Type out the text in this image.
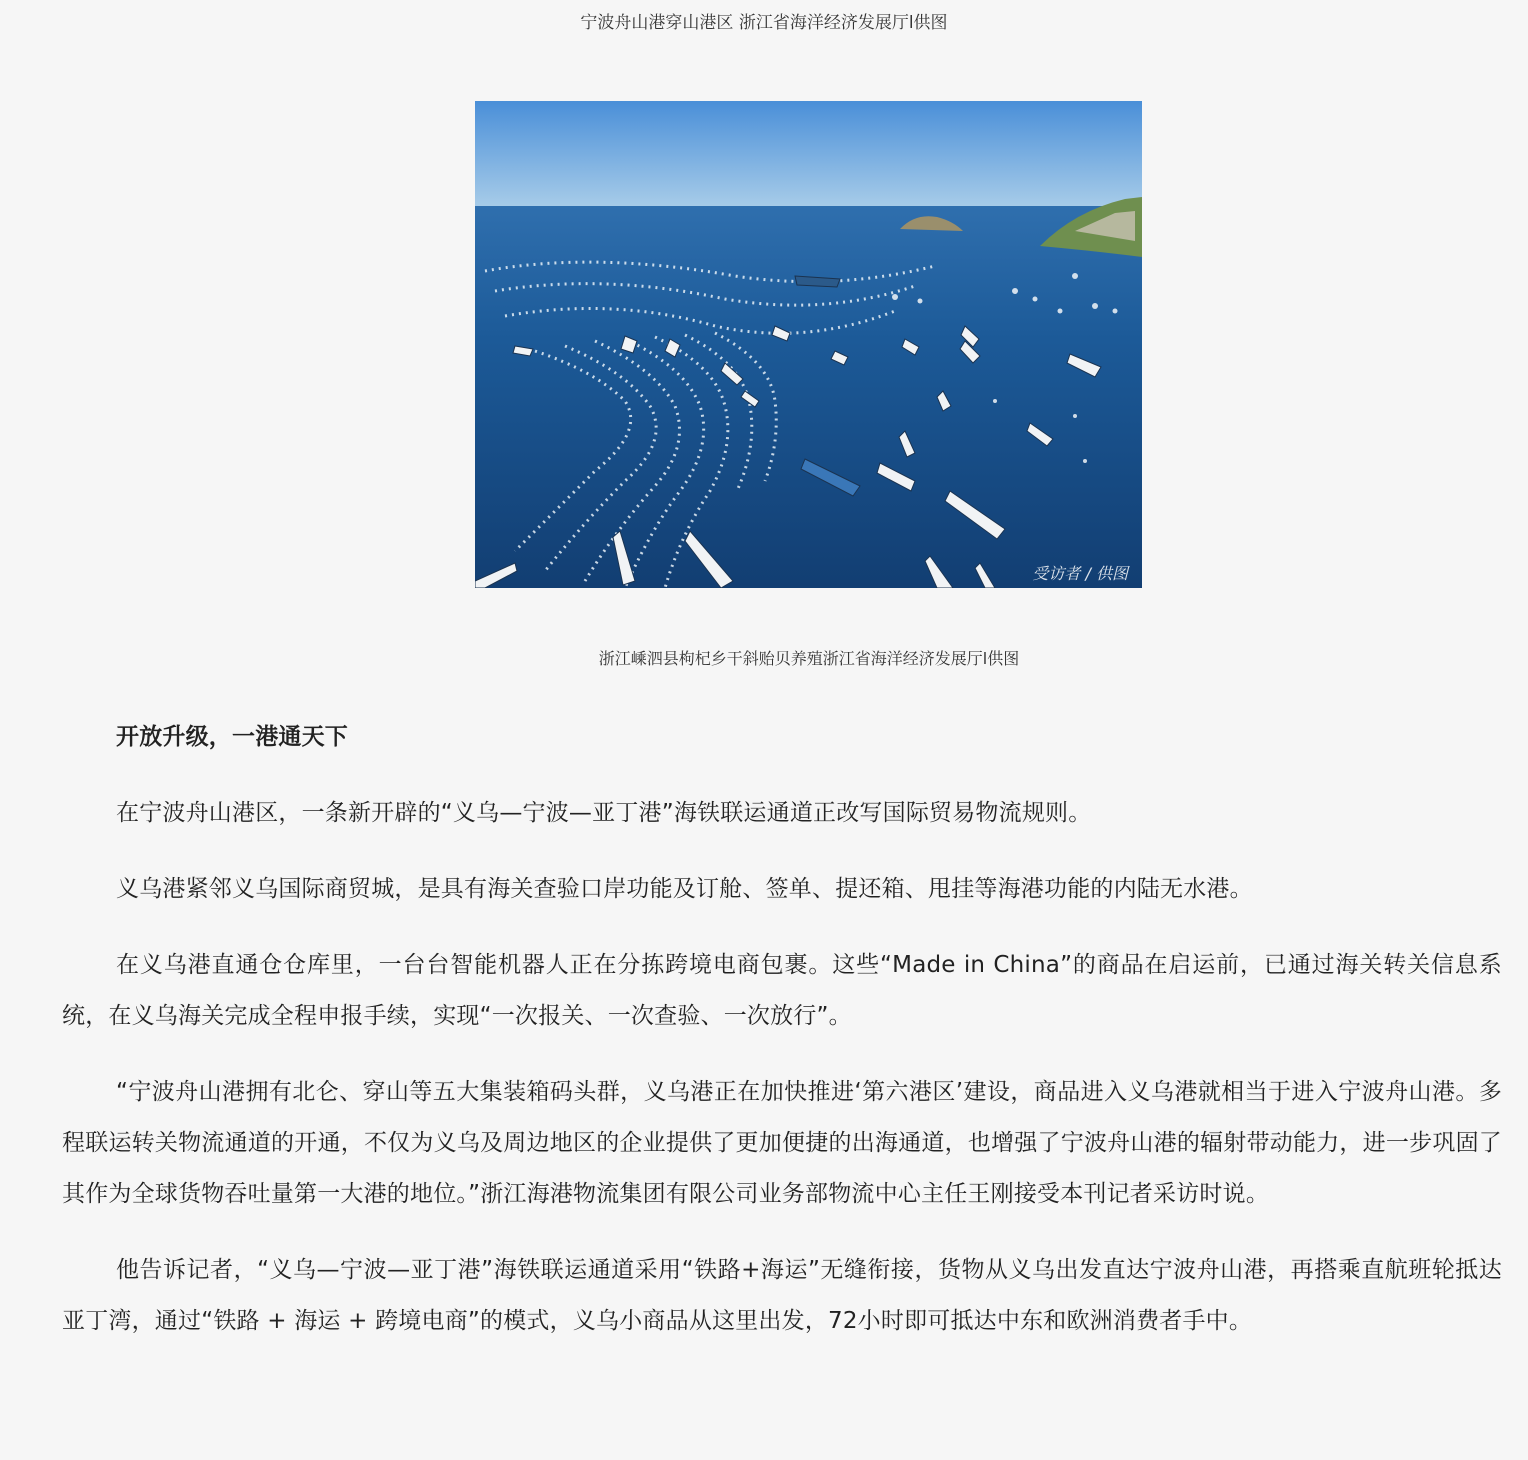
宁波舟山港穿山港区 浙江省海洋经济发展厅l供图
受访者 / 供图
浙江嵊泗县枸杞乡干斜贻贝养殖浙江省海洋经济发展厅l供图

开放升级，一港通天下

在宁波舟山港区，一条新开辟的“义乌—宁波—亚丁港”海铁联运通道正改写国际贸易物流规则。

义乌港紧邻义乌国际商贸城，是具有海关查验口岸功能及订舱、签单、提还箱、甩挂等海港功能的内陆无水港。

在义乌港直通仓仓库里，一台台智能机器人正在分拣跨境电商包裹。这些“Made in China”的商品在启运前，已通过海关转关信息系统，在义乌海关完成全程申报手续，实现“一次报关、一次查验、一次放行”。

“宁波舟山港拥有北仑、穿山等五大集装箱码头群，义乌港正在加快推进‘第六港区’建设，商品进入义乌港就相当于进入宁波舟山港。多程联运转关物流通道的开通，不仅为义乌及周边地区的企业提供了更加便捷的出海通道，也增强了宁波舟山港的辐射带动能力，进一步巩固了其作为全球货物吞吐量第一大港的地位。”浙江海港物流集团有限公司业务部物流中心主任王刚接受本刊记者采访时说。

他告诉记者，“义乌—宁波—亚丁港”海铁联运通道采用“铁路+海运”无缝衔接，货物从义乌出发直达宁波舟山港，再搭乘直航班轮抵达亚丁湾，通过“铁路 + 海运 + 跨境电商”的模式，义乌小商品从这里出发，72小时即可抵达中东和欧洲消费者手中。
